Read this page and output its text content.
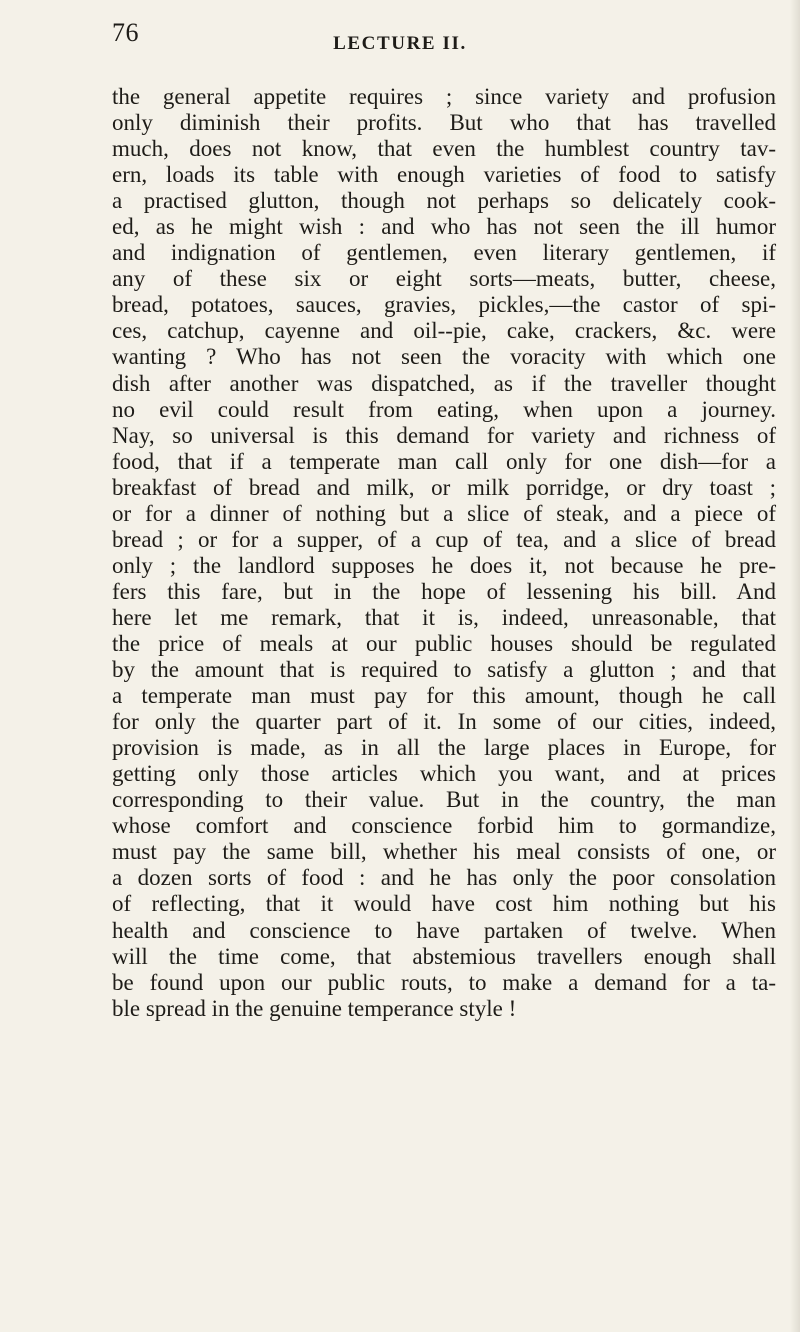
76	LECTURE II.
the general appetite requires ; since variety and profusion
only diminish their profits. But who that has travelled
much, does not know, that even the humblest country tav-
ern, loads its table with enough varieties of food to satisfy
a practised glutton, though not perhaps so delicately cook-
ed, as he might wish : and who has not seen the ill humor
and indignation of gentlemen, even literary gentlemen, if
any of these six or eight sorts—meats, butter, cheese,
bread, potatoes, sauces, gravies, pickles,—the castor of spi-
ces, catchup, cayenne and oil--pie, cake, crackers, &c. were
wanting ? Who has not seen the voracity with which one
dish after another was dispatched, as if the traveller thought
no evil could result from eating, when upon a journey.
Nay, so universal is this demand for variety and richness of
food, that if a temperate man call only for one dish—for a
breakfast of bread and milk, or milk porridge, or dry toast ;
or for a dinner of nothing but a slice of steak, and a piece of
bread ; or for a supper, of a cup of tea, and a slice of bread
only ; the landlord supposes he does it, not because he pre-
fers this fare, but in the hope of lessening his bill. And
here let me remark, that it is, indeed, unreasonable, that
the price of meals at our public houses should be regulated
by the amount that is required to satisfy a glutton ; and that
a temperate man must pay for this amount, though he call
for only the quarter part of it. In some of our cities, indeed,
provision is made, as in all the large places in Europe, for
getting only those articles which you want, and at prices
corresponding to their value. But in the country, the man
whose comfort and conscience forbid him to gormandize,
must pay the same bill, whether his meal consists of one, or
a dozen sorts of food : and he has only the poor consolation
of reflecting, that it would have cost him nothing but his
health and conscience to have partaken of twelve. When
will the time come, that abstemious travellers enough shall
be found upon our public routs, to make a demand for a ta-
ble spread in the genuine temperance style !
